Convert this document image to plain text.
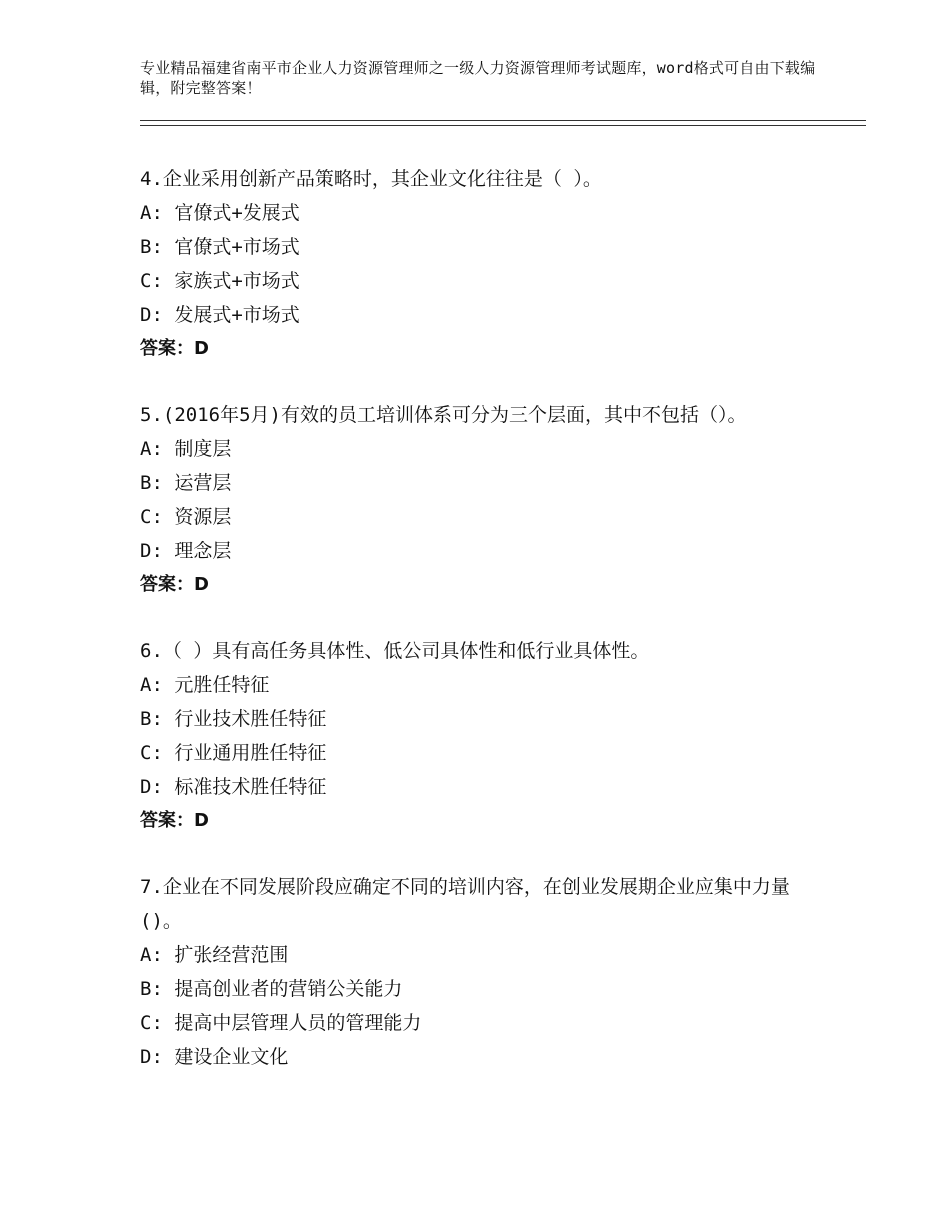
专业精品福建省南平市企业人力资源管理师之一级人力资源管理师考试题库，word格式可自由下载编辑，附完整答案！

4.企业采用创新产品策略时，其企业文化往往是（ ）。

A: 官僚式+发展式

B: 官僚式+市场式

C: 家族式+市场式

D: 发展式+市场式

答案：D

5.(2016年5月)有效的员工培训体系可分为三个层面，其中不包括（）。

A: 制度层

B: 运营层

C: 资源层

D: 理念层

答案：D

6.（ ）具有高任务具体性、低公司具体性和低行业具体性。

A: 元胜任特征

B: 行业技术胜任特征

C: 行业通用胜任特征

D: 标准技术胜任特征

答案：D

7.企业在不同发展阶段应确定不同的培训内容，在创业发展期企业应集中力量()。

A: 扩张经营范围

B: 提高创业者的营销公关能力

C: 提高中层管理人员的管理能力

D: 建设企业文化
